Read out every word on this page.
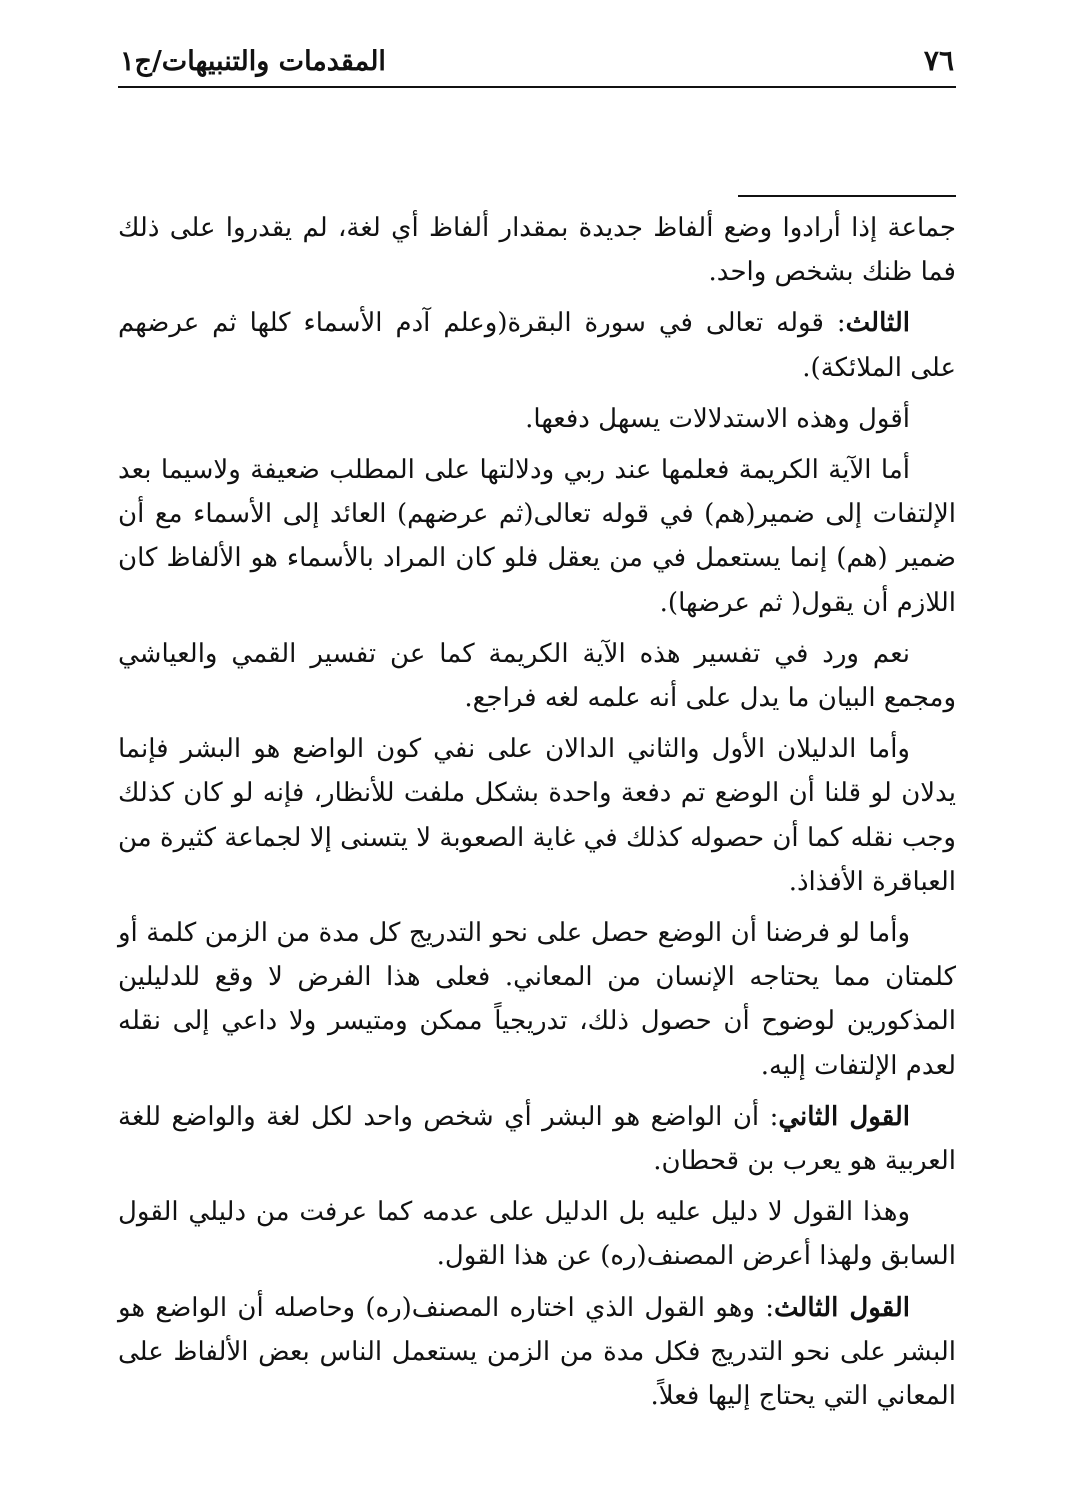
٧٦
المقدمات والتنبيهات/ج١

جماعة إذا أرادوا وضع ألفاظ جديدة بمقدار ألفاظ أي لغة، لم يقدروا على ذلك فما ظنك بشخص واحد.

الثالث: قوله تعالى في سورة البقرة(وعلم آدم الأسماء كلها ثم عرضهم على الملائكة).

أقول وهذه الاستدلالات يسهل دفعها.

أما الآية الكريمة فعلمها عند ربي ودلالتها على المطلب ضعيفة ولاسيما بعد الإلتفات إلى ضمير(هم) في قوله تعالى(ثم عرضهم) العائد إلى الأسماء مع أن ضمير (هم) إنما يستعمل في من يعقل فلو كان المراد بالأسماء هو الألفاظ كان اللازم أن يقول( ثم عرضها).

نعم ورد في تفسير هذه الآية الكريمة كما عن تفسير القمي والعياشي ومجمع البيان ما يدل على أنه علمه لغه فراجع.

وأما الدليلان الأول والثاني الدالان على نفي كون الواضع هو البشر فإنما يدلان لو قلنا أن الوضع تم دفعة واحدة بشكل ملفت للأنظار، فإنه لو كان كذلك وجب نقله كما أن حصوله كذلك في غاية الصعوبة لا يتسنى إلا لجماعة كثيرة من العباقرة الأفذاذ.

وأما لو فرضنا أن الوضع حصل على نحو التدريج كل مدة من الزمن كلمة أو كلمتان مما يحتاجه الإنسان من المعاني. فعلى هذا الفرض لا وقع للدليلين المذكورين لوضوح أن حصول ذلك، تدريجياً ممكن ومتيسر ولا داعي إلى نقله لعدم الإلتفات إليه.

القول الثاني: أن الواضع هو البشر أي شخص واحد لكل لغة والواضع للغة العربية هو يعرب بن قحطان.

وهذا القول لا دليل عليه بل الدليل على عدمه كما عرفت من دليلي القول السابق ولهذا أعرض المصنف(ره) عن هذا القول.

القول الثالث: وهو القول الذي اختاره المصنف(ره) وحاصله أن الواضع هو البشر على نحو التدريج فكل مدة من الزمن يستعمل الناس بعض الألفاظ على المعاني التي يحتاج إليها فعلاً.
